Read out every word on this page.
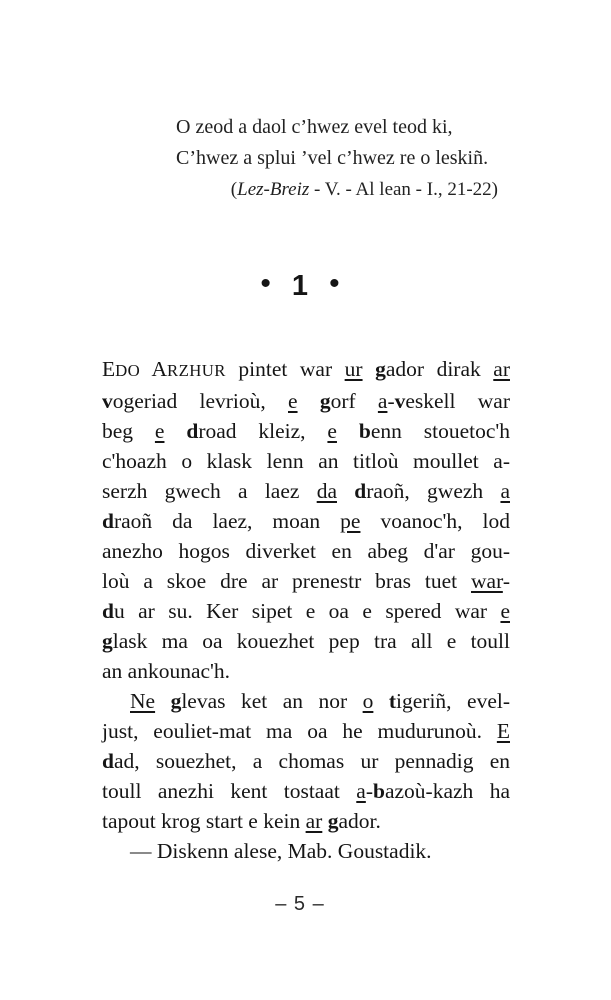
O zeod a daol c’hwez evel teod ki,
C’hwez a splui ’vel c’hwez re o leskiñ.
(Lez-Breiz - V. - Al lean - I., 21-22)
• 1 •
EDO ARZHUR pintet war ur gador dirak ar
vogeriad levrioù, e gorf a-veskell war
beg e droad kleiz, e benn stouetoc'h
c'hoazh o klask lenn an titloù moullet a-
serzh gwech a laez da draoñ, gwezh a
draoñ da laez, moan pe voanoc'h, lod
anezho hogos diverket en abeg d'ar gou-
loù a skoe dre ar prenestr bras tuet war-
du ar su. Ker sipet e oa e spered war e
glask ma oa kouezhet pep tra all e toull
an ankounac'h.
Ne glevas ket an nor o tigeriñ, evel-
just, eouliet-mat ma oa he mudurunoù. E
dad, souezhet, a chomas ur pennadig en
toull anezhi kent tostaat a-bazoù-kazh ha
tapout krog start e kein ar gador.
— Diskenn alese, Mab. Goustadik.
– 5 –
